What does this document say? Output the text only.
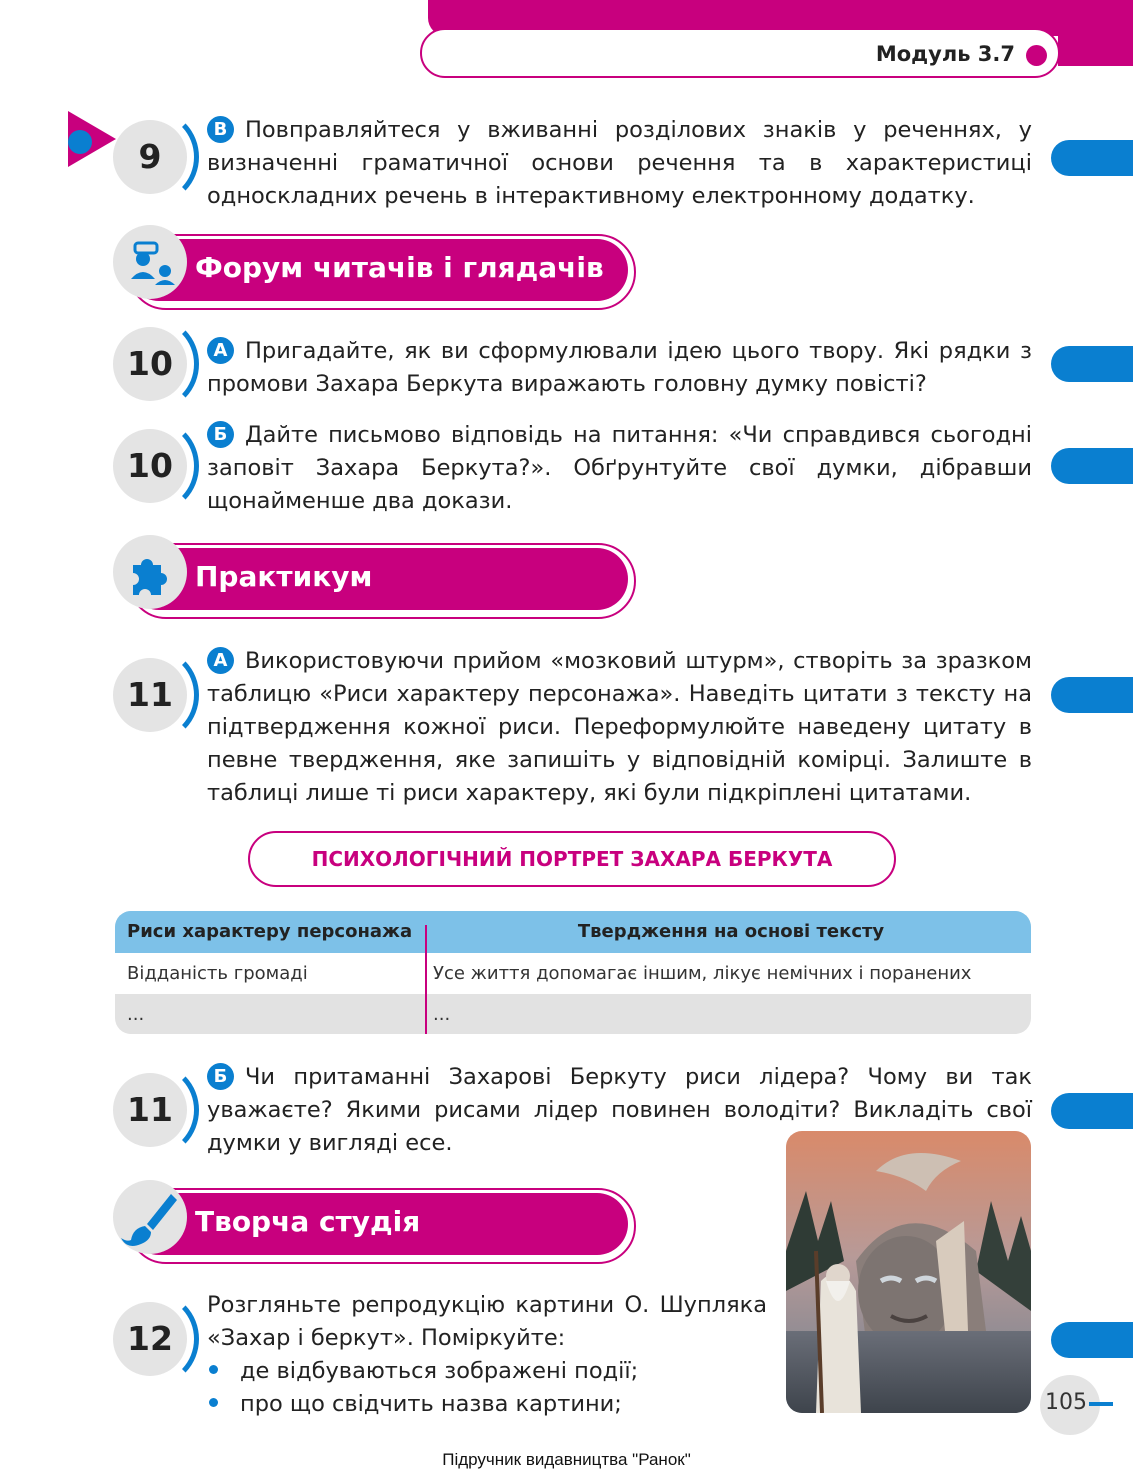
Модуль 3.7
9
В Повправляйтеся у вживанні розділових знаків у реченнях, у визначенні граматичної основи речення та в характеристиці односкладних речень в інтерактивному електронному додатку.
Форум читачів і глядачів
10	А Пригадайте, як ви сформулювали ідею цього твору. Які рядки з промови Захара Беркута виражають головну думку повісті?
10
Б Дайте письмово відповідь на питання: «Чи справдився сьогодні заповіт Захара Беркута?». Обґрунтуйте свої думки, дібравши щонайменше два докази.
Практикум
11
А Використовуючи прийом «мозковий штурм», створіть за зразком таблицю «Риси характеру персонажа». Наведіть цитати з тексту на підтвердження кожної риси. Переформулюйте наведену цитату в певне твердження, яке запишіть у відповідній комірці. Залиште в таблиці лише ті риси характеру, які були підкріплені цитатами.
ПСИХОЛОГІЧНИЙ ПОРТРЕТ ЗАХАРА БЕРКУТА
Риси характеру персонажа	Твердження на основі тексту
Відданість громаді	Усе життя допомагає іншим, лікує немічних і поранених
...	...
11
Б Чи притаманні Захарові Беркуту риси лідера? Чому ви так уважаєте? Якими рисами лідер повинен володіти? Викладіть свої думки у вигляді есе.
Творча студія
12
Розгляньте репродукцію картини О. Шупляка «Захар і беркут». Поміркуйте:
де відбуваються зображені події;
про що свідчить назва картини;	105
Підручник видавництва "Ранок"
